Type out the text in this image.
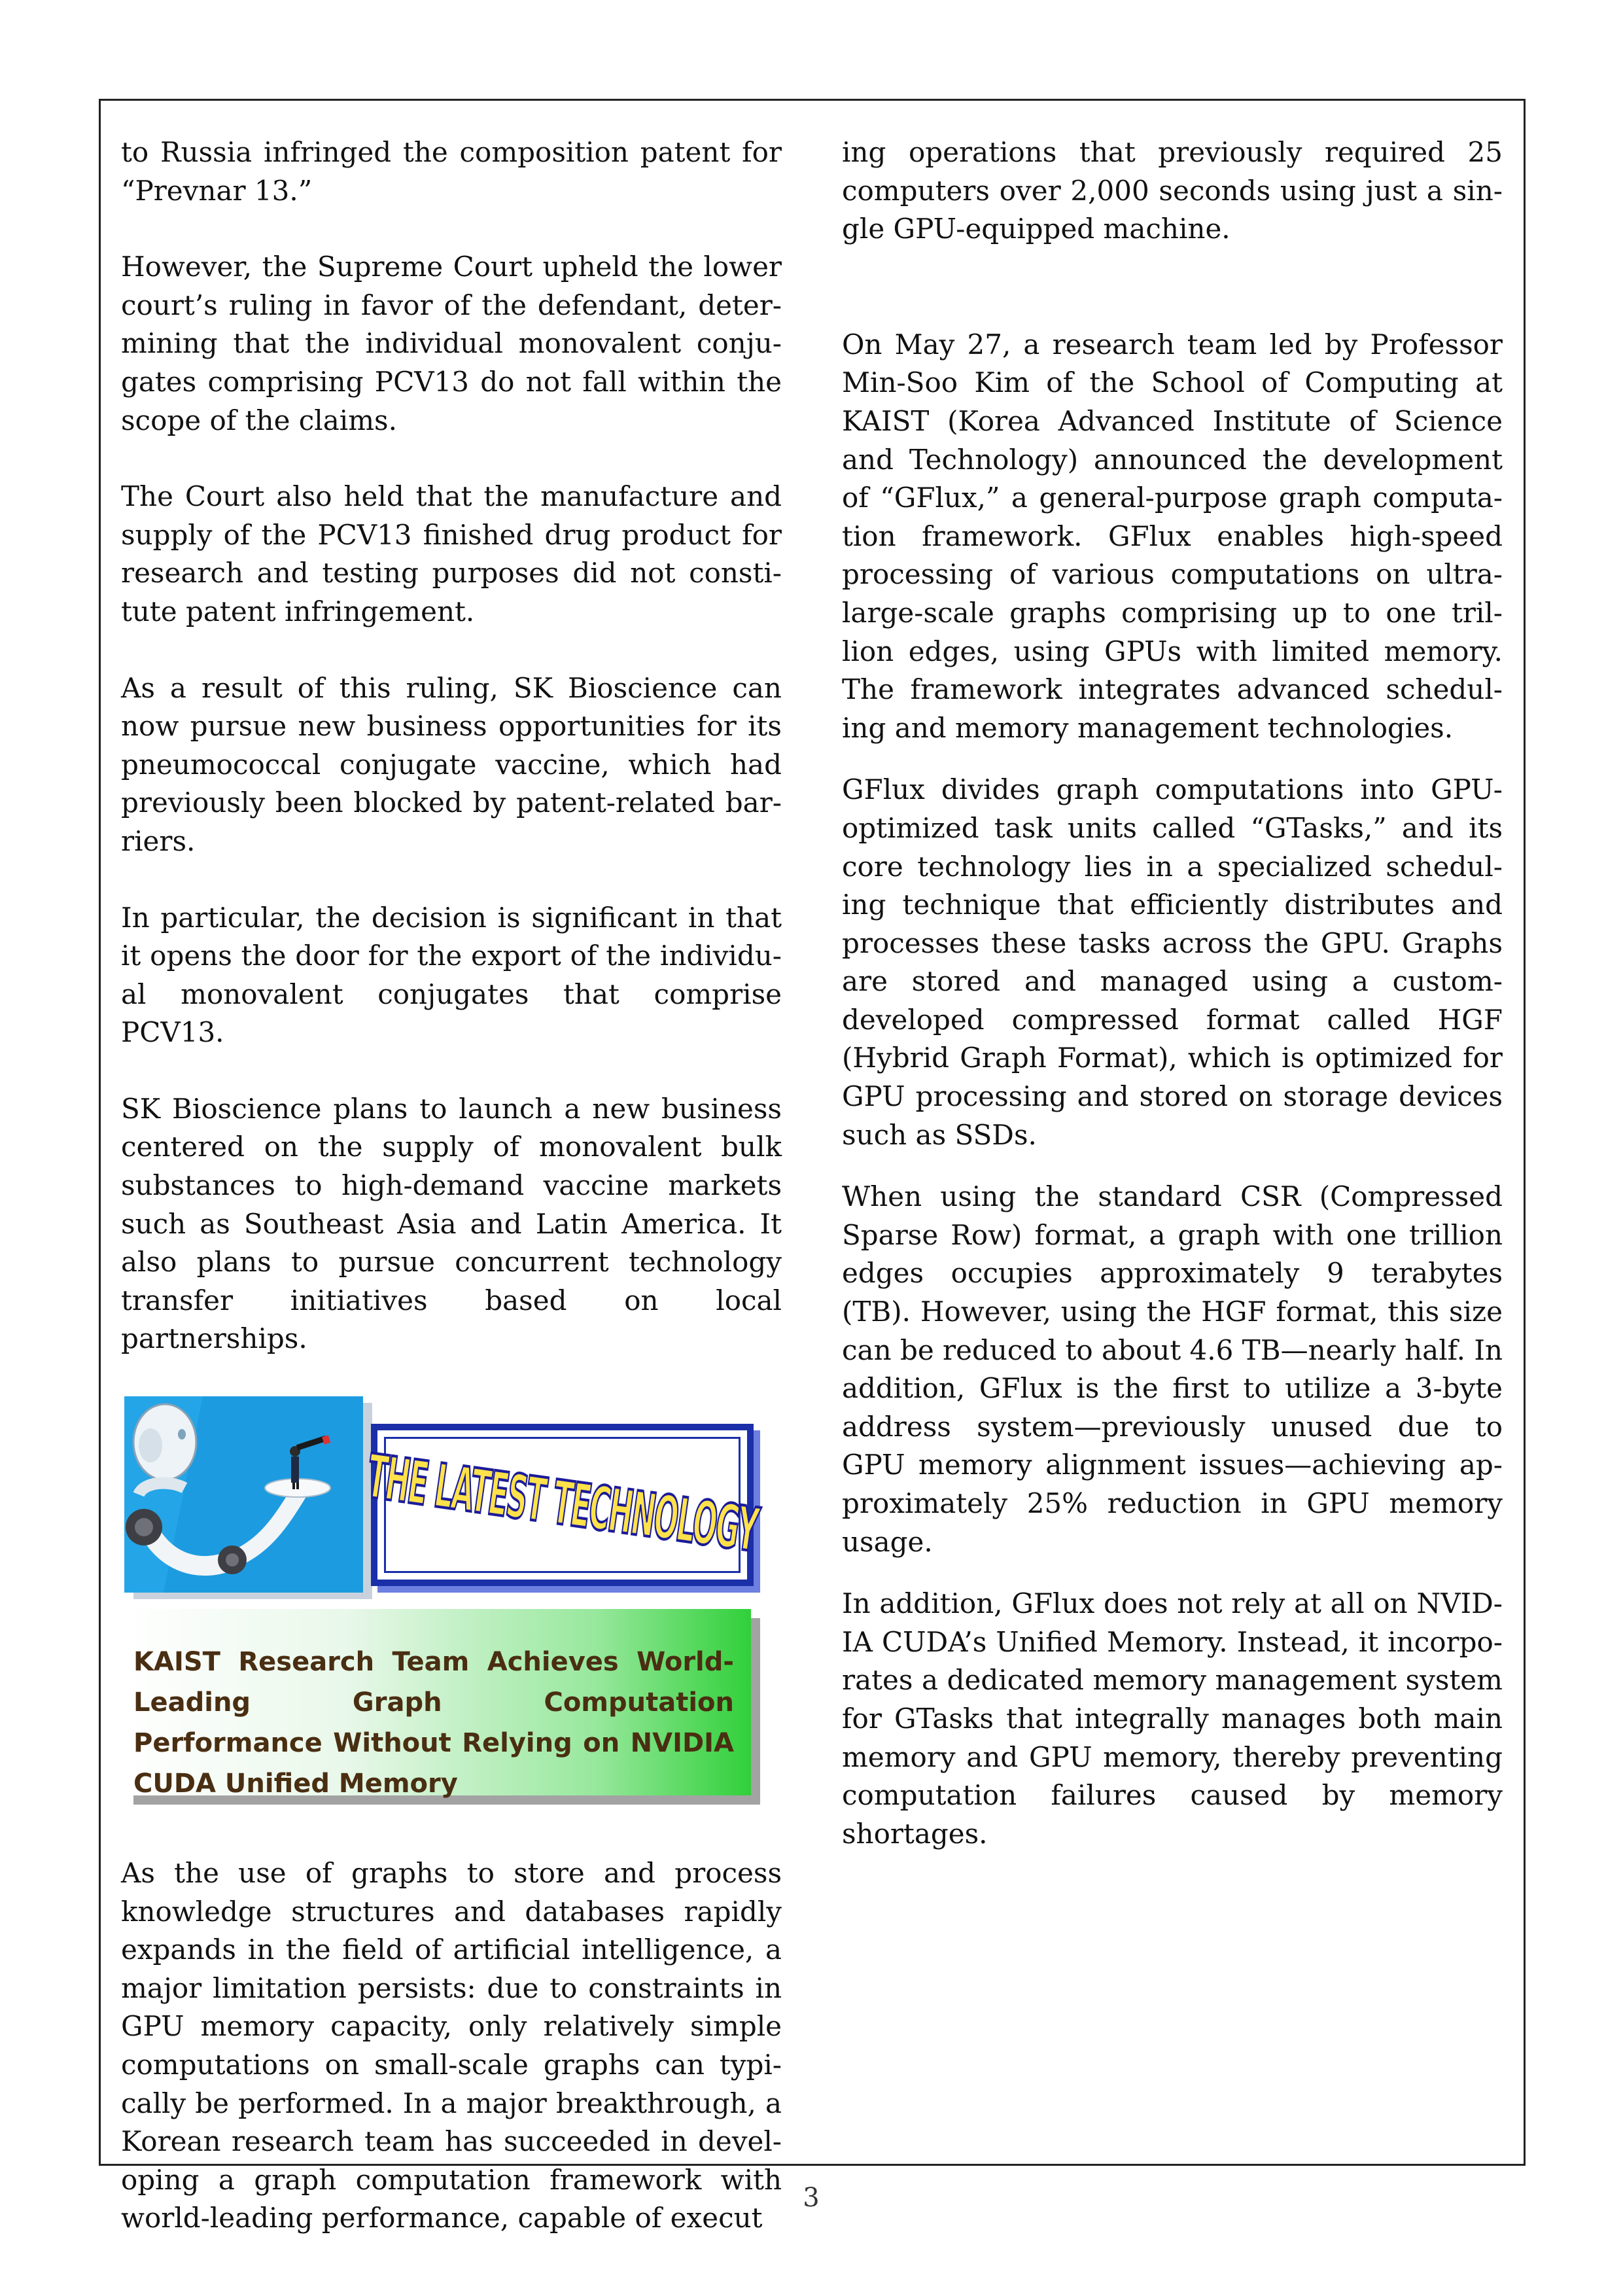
to Russia infringed the composition patent for “Prevnar 13.”

However, the Supreme Court upheld the lower court’s ruling in favor of the defendant, determining that the individual monovalent conjugates comprising PCV13 do not fall within the scope of the claims.

The Court also held that the manufacture and supply of the PCV13 finished drug product for research and testing purposes did not constitute patent infringement.

As a result of this ruling, SK Bioscience can now pursue new business opportunities for its pneumococcal conjugate vaccine, which had previously been blocked by patent-related barriers.

In particular, the decision is significant in that it opens the door for the export of the individual monovalent conjugates that comprise PCV13.

SK Bioscience plans to launch a new business centered on the supply of monovalent bulk substances to high-demand vaccine markets such as Southeast Asia and Latin America. It also plans to pursue concurrent technology transfer initiatives based on local partnerships.

THE LATEST TECHNOLOGY
KAIST Research Team Achieves World-Leading Graph Computation Performance Without Relying on NVIDIA CUDA Unified Memory

As the use of graphs to store and process knowledge structures and databases rapidly expands in the field of artificial intelligence, a major limitation persists: due to constraints in GPU memory capacity, only relatively simple computations on small-scale graphs can typically be performed. In a major breakthrough, a Korean research team has succeeded in developing a graph computation framework with world-leading performance, capable of execut

ing operations that previously required 25 computers over 2,000 seconds using just a single GPU-equipped machine.

On May 27, a research team led by Professor Min-Soo Kim of the School of Computing at KAIST (Korea Advanced Institute of Science and Technology) announced the development of “GFlux,” a general-purpose graph computation framework. GFlux enables high-speed processing of various computations on ultra-large-scale graphs comprising up to one trillion edges, using GPUs with limited memory. The framework integrates advanced scheduling and memory management technologies.

GFlux divides graph computations into GPU-optimized task units called “GTasks,” and its core technology lies in a specialized scheduling technique that efficiently distributes and processes these tasks across the GPU. Graphs are stored and managed using a custom-developed compressed format called HGF (Hybrid Graph Format), which is optimized for GPU processing and stored on storage devices such as SSDs.

When using the standard CSR (Compressed Sparse Row) format, a graph with one trillion edges occupies approximately 9 terabytes (TB). However, using the HGF format, this size can be reduced to about 4.6 TB—nearly half. In addition, GFlux is the first to utilize a 3-byte address system—previously unused due to GPU memory alignment issues—achieving approximately 25% reduction in GPU memory usage.

In addition, GFlux does not rely at all on NVIDIA CUDA’s Unified Memory. Instead, it incorporates a dedicated memory management system for GTasks that integrally manages both main memory and GPU memory, thereby preventing computation failures caused by memory shortages.

3
